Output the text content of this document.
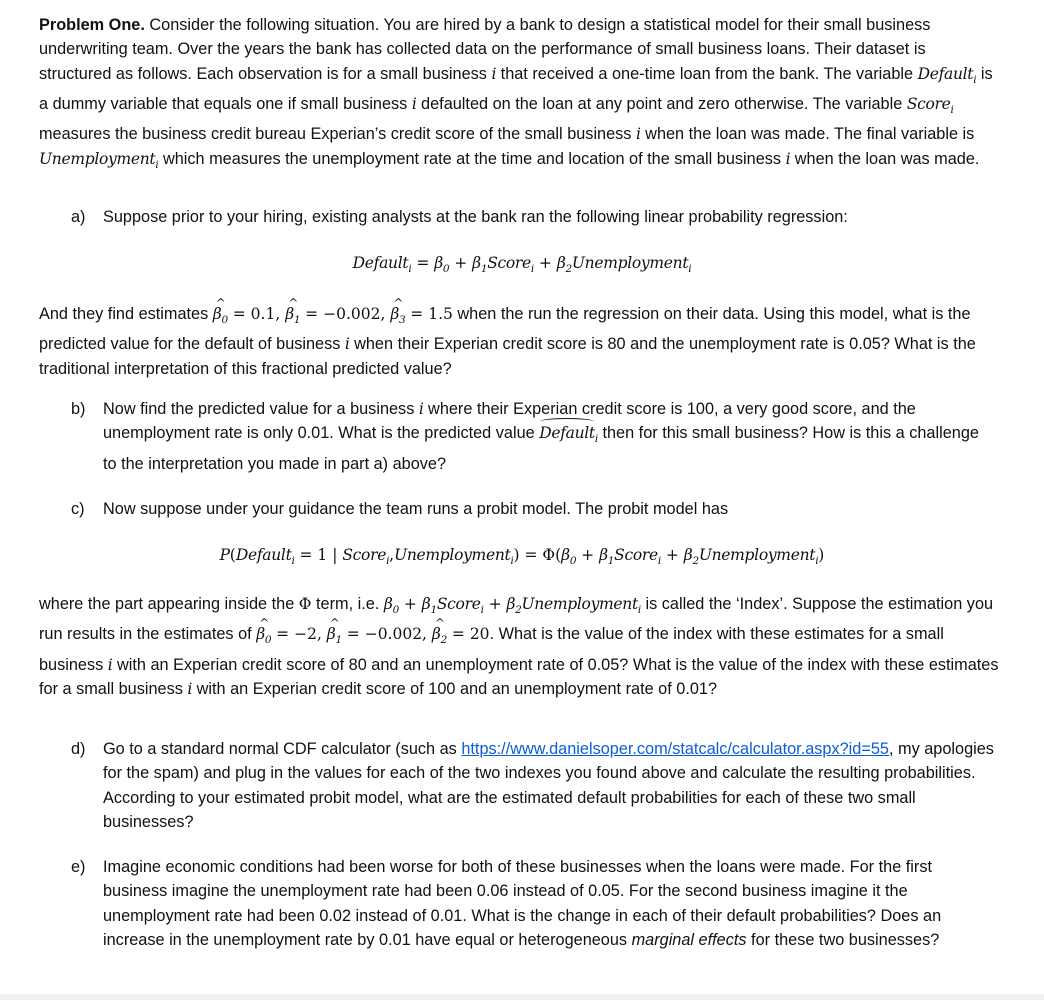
Problem One. Consider the following situation. You are hired by a bank to design a statistical model for their small business underwriting team. Over the years the bank has collected data on the performance of small business loans. Their dataset is structured as follows. Each observation is for a small business i that received a one-time loan from the bank. The variable Default$_i$ is a dummy variable that equals one if small business i defaulted on the loan at any point and zero otherwise. The variable Score$_i$ measures the business credit bureau Experian’s credit score of the small business i when the loan was made. The final variable is Unemployment$_i$ which measures the unemployment rate at the time and location of the small business i when the loan was made.
a) Suppose prior to your hiring, existing analysts at the bank ran the following linear probability regression:
Default$_i$ = $\beta_0$ + $\beta_1Score_i$ + $\beta_2Unemployment_i$
And they find estimates ^ $\beta_0 = 0.1$, ^ $\beta_1 = -0.002$, ^ $\beta_3 = 1.5$ when the run the regression on their data. Using this model, what is the predicted value for the default of business i when their Experian credit score is 80 and the unemployment rate is 0.05? What is the traditional interpretation of this fractional predicted value?
b) Now find the predicted value for a business i where their Experian credit score is 100, a very good score, and the unemployment rate is only 0.01. What is the predicted value Default$_i$ then for this small business? How is this a challenge to the interpretation you made in part a) above?
c) Now suppose under your guidance the team runs a probit model. The probit model has
P(Default$_i$ = 1 | Score$_i$,Unemployment$_i$) = $\Phi(\beta_0$ + $\beta_1Score_i$ + $\beta_2Unemployment_i$)
where the part appearing inside the Φ term, i.e. $\beta_0$ + $\beta_1Score_i$ + $\beta_2Unemployment_i$ is called the ‘Index’. Suppose the estimation you run results in the estimates of ^ $\beta_0 = -2$, ^ $\beta_1 = -0.002$, ^ $\beta_2 = 20$. What is the value of the index with these estimates for a small business i with an Experian credit score of 80 and an unemployment rate of 0.05? What is the value of the index with these estimates for a small business i with an Experian credit score of 100 and an unemployment rate of 0.01?
d) Go to a standard normal CDF calculator (such as https://www.danielsoper.com/statcalc/calculator.aspx?id=55, my apologies for the spam) and plug in the values for each of the two indexes you found above and calculate the resulting probabilities. According to your estimated probit model, what are the estimated default probabilities for each of these two small businesses?
e) Imagine economic conditions had been worse for both of these businesses when the loans were made. For the first business imagine the unemployment rate had been 0.06 instead of 0.05. For the second business imagine it the unemployment rate had been 0.02 instead of 0.01. What is the change in each of their default probabilities? Does an increase in the unemployment rate by 0.01 have equal or heterogeneous marginal effects for these two businesses?
